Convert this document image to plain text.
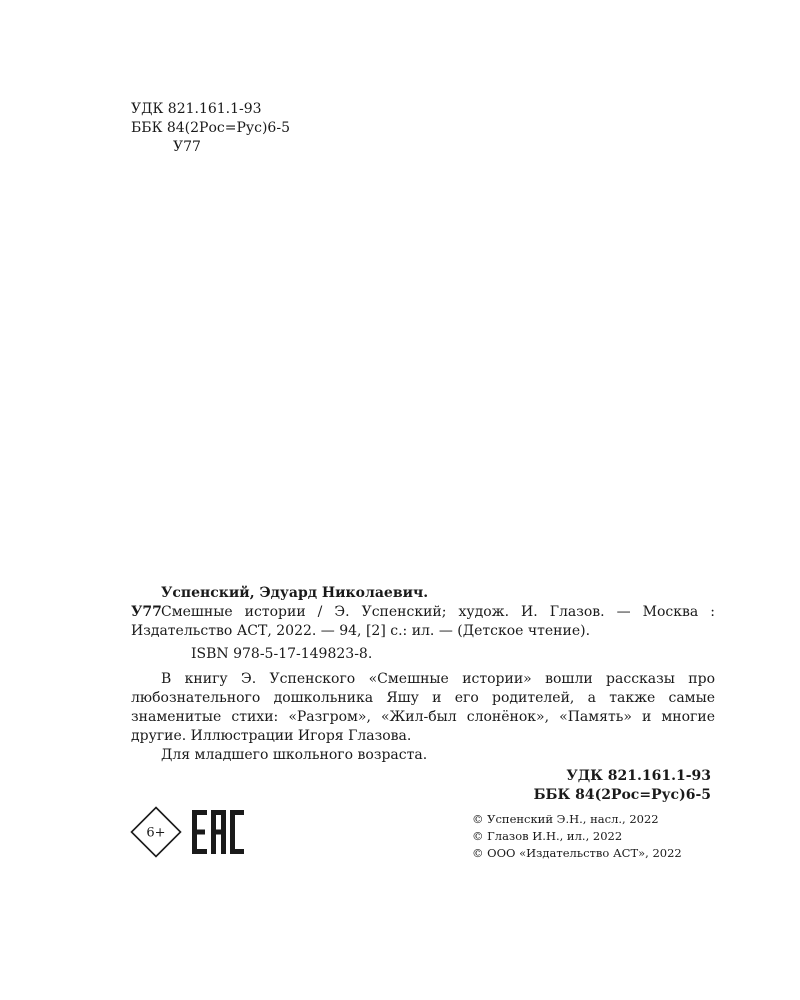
УДК 821.161.1-93
ББК 84(2Рос=Рус)6-5
У77
Успенский, Эдуард Николаевич.
У77 Смешные истории / Э. Успенский; худож. И. Глазов. — Москва :
Издательство АСТ, 2022. — 94, [2] с.: ил. — (Детское чтение).
ISBN 978-5-17-149823-8.

В книгу Э. Успенского «Смешные истории» вошли рассказы про любознательного дошкольника Яшу и его родителей, а также самые знаменитые стихи: «Разгром», «Жил-был слонёнок», «Память» и многие другие. Иллюстрации Игоря Глазова.

Для младшего школьного возраста.

УДК 821.161.1-93
ББК 84(2Рос=Рус)6-5
6+
© Успенский Э.Н., насл., 2022
© Глазов И.Н., ил., 2022
© ООО «Издательство АСТ», 2022
